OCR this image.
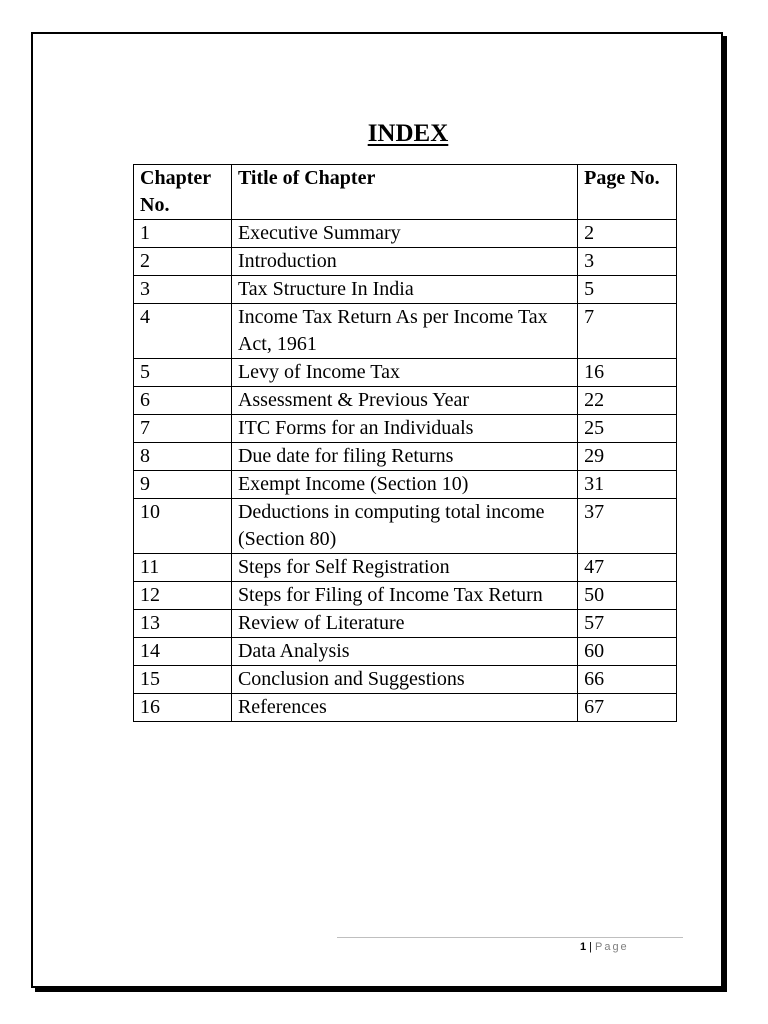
INDEX
Chapter No.	Title of Chapter	Page No.
1	Executive Summary	2
2	Introduction	3
3	Tax Structure In India	5
4	Income Tax Return As per Income Tax Act, 1961	7
5	Levy of Income Tax	16
6	Assessment & Previous Year	22
7	ITC Forms for an Individuals	25
8	Due date for filing Returns	29
9	Exempt Income (Section 10)	31
10	Deductions in computing total income (Section 80)	37
11	Steps for Self Registration	47
12	Steps for Filing of Income Tax Return	50
13	Review of Literature	57
14	Data Analysis	60
15	Conclusion and Suggestions	66
16	References	67
1 | Page
